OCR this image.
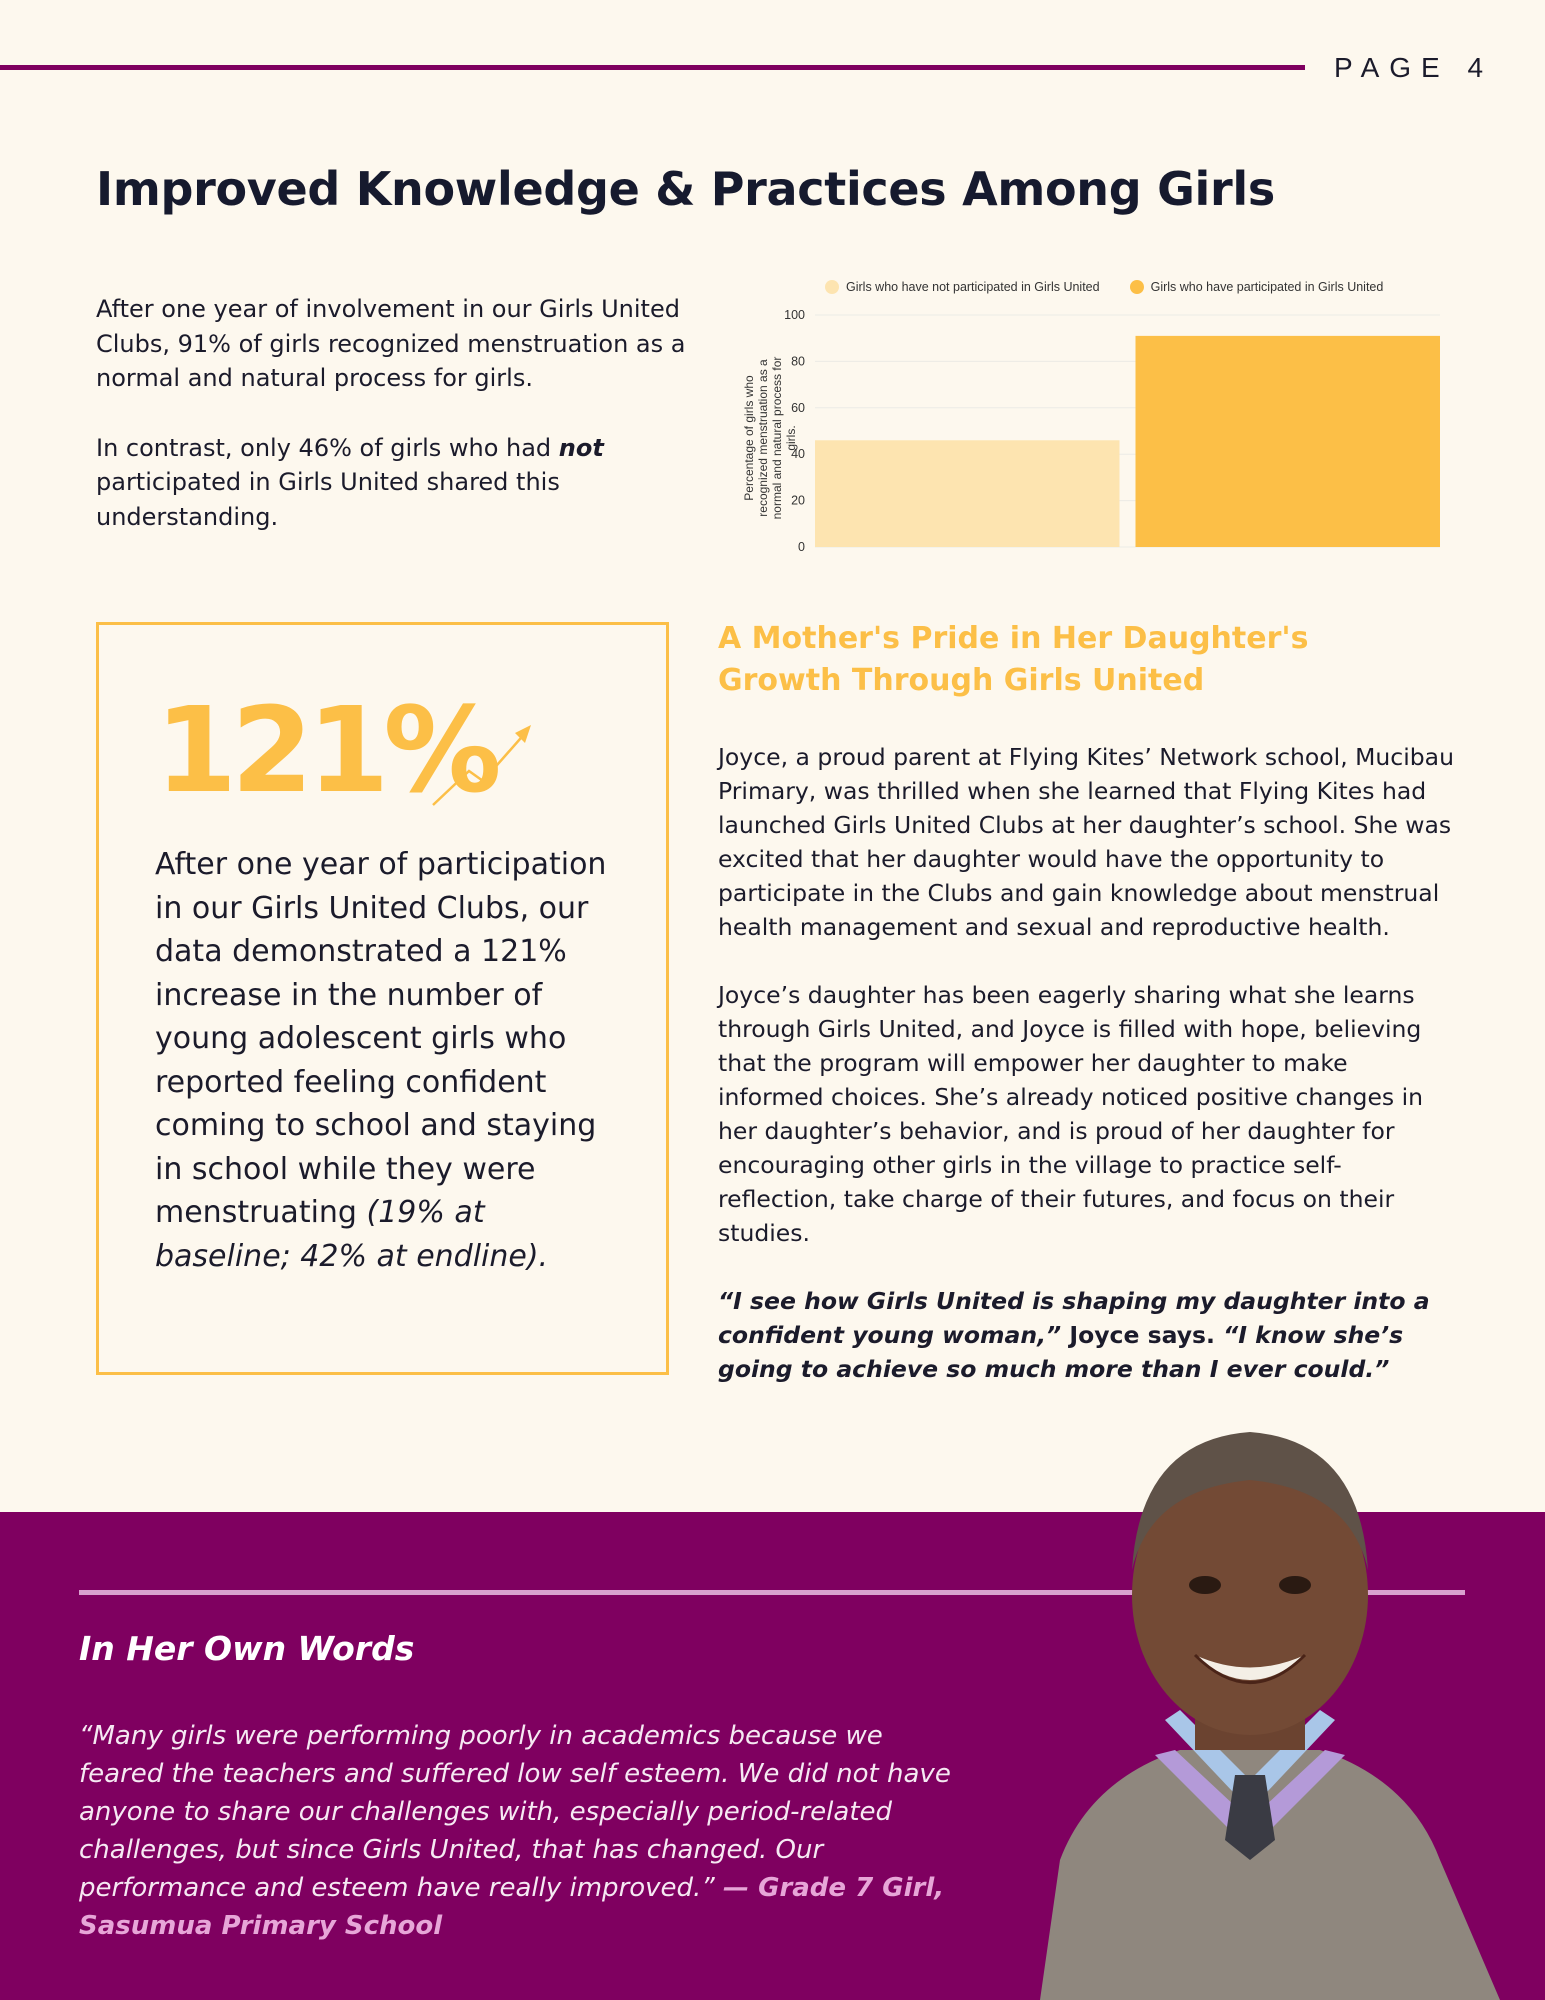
PAGE 4
Improved Knowledge & Practices Among Girls

After one year of involvement in our Girls United Clubs, 91% of girls recognized menstruation as a normal and natural process for girls.

In contrast, only 46% of girls who had not participated in Girls United shared this understanding.

Girls who have not participated in Girls United	Girls who have participated in Girls United
Percentage of girls who recognized menstruation as a normal and natural process for girls.
0
20
40
60
80
100
121%
After one year of participation in our Girls United Clubs, our data demonstrated a 121% increase in the number of young adolescent girls who reported feeling confident coming to school and staying in school while they were menstruating (19% at baseline; 42% at endline).
A Mother's Pride in Her Daughter's Growth Through Girls United

Joyce, a proud parent at Flying Kites’ Network school, Mucibau Primary, was thrilled when she learned that Flying Kites had launched Girls United Clubs at her daughter’s school. She was excited that her daughter would have the opportunity to participate in the Clubs and gain knowledge about menstrual health management and sexual and reproductive health.

Joyce’s daughter has been eagerly sharing what she learns through Girls United, and Joyce is filled with hope, believing that the program will empower her daughter to make informed choices. She’s already noticed positive changes in her daughter’s behavior, and is proud of her daughter for encouraging other girls in the village to practice self-reflection, take charge of their futures, and focus on their studies.

“I see how Girls United is shaping my daughter into a confident young woman,” Joyce says. “I know she’s going to achieve so much more than I ever could.”

In Her Own Words

“Many girls were performing poorly in academics because we feared the teachers and suffered low self esteem. We did not have anyone to share our challenges with, especially period-related challenges, but since Girls United, that has changed. Our performance and esteem have really improved.” — Grade 7 Girl, Sasumua Primary School
